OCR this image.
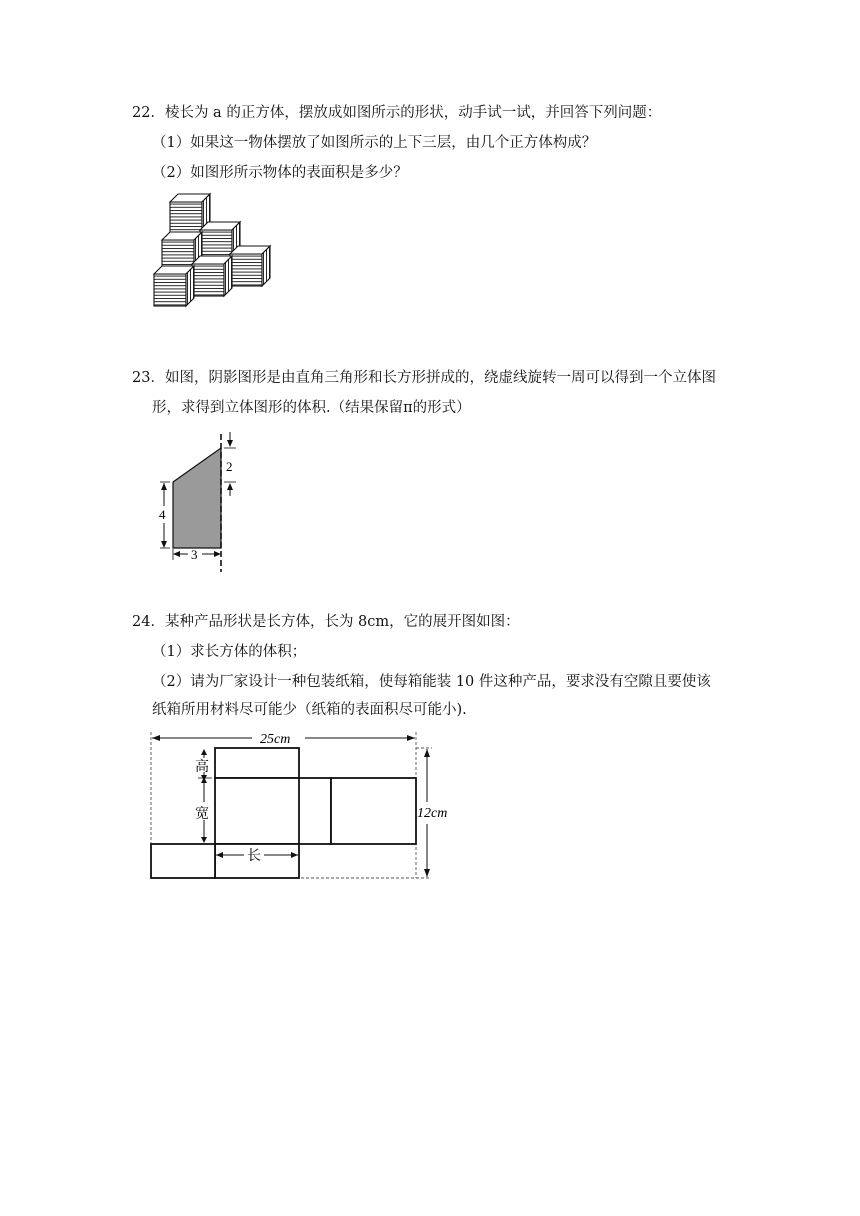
22．棱长为 a 的正方体，摆放成如图所示的形状，动手试一试，并回答下列问题：
（1）如果这一物体摆放了如图所示的上下三层，由几个正方体构成？
（2）如图形所示物体的表面积是多少？
23．如图，阴影图形是由直角三角形和长方形拼成的，绕虚线旋转一周可以得到一个立体图
形，求得到立体图形的体积.（结果保留π的形式）
2
4
3
24．某种产品形状是长方体，长为 8cm，它的展开图如图：
（1）求长方体的体积；
（2）请为厂家设计一种包装纸箱，使每箱能装 10 件这种产品，要求没有空隙且要使该
纸箱所用材料尽可能少（纸箱的表面积尽可能小).
25cm
12cm
高
宽
长
